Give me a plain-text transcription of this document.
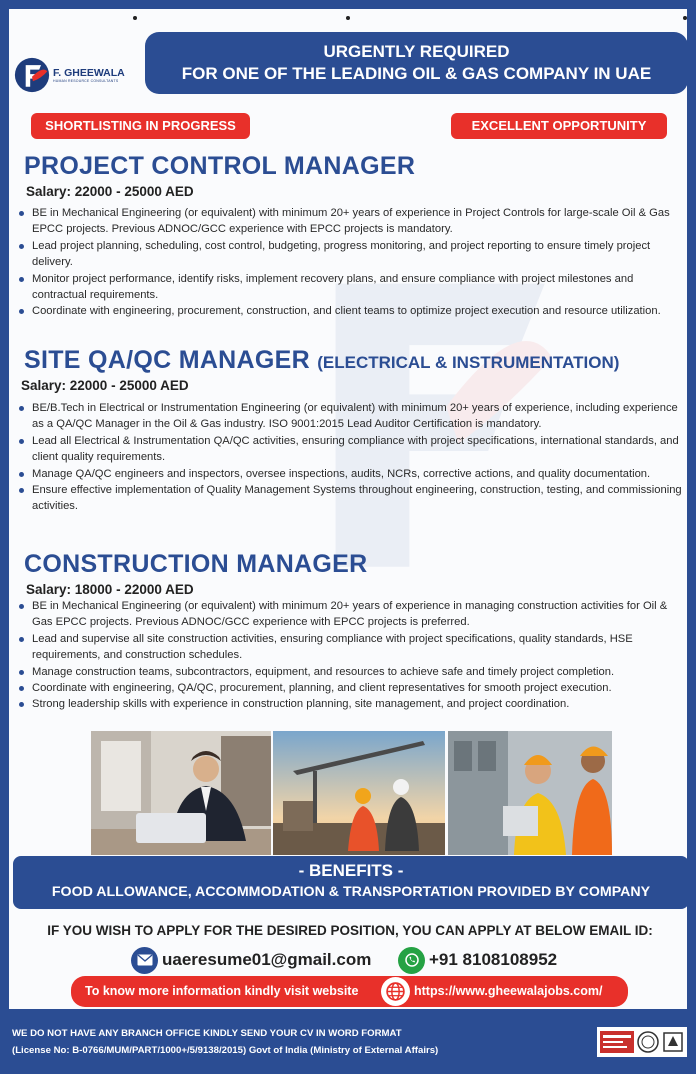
F. GHEEWALA
HUMAN RESOURCE CONSULTANTS
URGENTLY REQUIRED
FOR ONE OF THE LEADING OIL & GAS COMPANY IN UAE
SHORTLISTING IN PROGRESS	EXCELLENT OPPORTUNITY
PROJECT CONTROL MANAGER
Salary: 22000 - 25000 AED
BE in Mechanical Engineering (or equivalent) with minimum 20+ years of experience in Project Controls for large-scale Oil & Gas EPCC projects. Previous ADNOC/GCC experience with EPCC projects is mandatory.
Lead project planning, scheduling, cost control, budgeting, progress monitoring, and project reporting to ensure timely project delivery.
Monitor project performance, identify risks, implement recovery plans, and ensure compliance with project milestones and contractual requirements.
Coordinate with engineering, procurement, construction, and client teams to optimize project execution and resource utilization.
SITE QA/QC MANAGER (ELECTRICAL & INSTRUMENTATION)
Salary: 22000 - 25000 AED
BE/B.Tech in Electrical or Instrumentation Engineering (or equivalent) with minimum 20+ years of experience, including experience as a QA/QC Manager in the Oil & Gas industry. ISO 9001:2015 Lead Auditor Certification is mandatory.
Lead all Electrical & Instrumentation QA/QC activities, ensuring compliance with project specifications, international standards, and client quality requirements.
Manage QA/QC engineers and inspectors, oversee inspections, audits, NCRs, corrective actions, and quality documentation.
Ensure effective implementation of Quality Management Systems throughout engineering, construction, testing, and commissioning activities.
CONSTRUCTION MANAGER
Salary: 18000 - 22000 AED
BE in Mechanical Engineering (or equivalent) with minimum 20+ years of experience in managing construction activities for Oil & Gas EPCC projects. Previous ADNOC/GCC experience with EPCC projects is preferred.
Lead and supervise all site construction activities, ensuring compliance with project specifications, quality standards, HSE requirements, and construction schedules.
Manage construction teams, subcontractors, equipment, and resources to achieve safe and timely project completion.
Coordinate with engineering, QA/QC, procurement, planning, and client representatives for smooth project execution.
Strong leadership skills with experience in construction planning, site management, and project coordination.
- BENEFITS -
FOOD ALLOWANCE, ACCOMMODATION & TRANSPORTATION PROVIDED BY COMPANY
IF YOU WISH TO APPLY FOR THE DESIRED POSITION, YOU CAN APPLY AT BELOW EMAIL ID:
uaeresume01@gmail.com	+91 8108108952
To know more information kindly visit website	https://www.gheewalajobs.com/
WE DO NOT HAVE ANY BRANCH OFFICE KINDLY SEND YOUR CV IN WORD FORMAT
(License No: B-0766/MUM/PART/1000+/5/9138/2015) Govt of India (Ministry of External Affairs)
